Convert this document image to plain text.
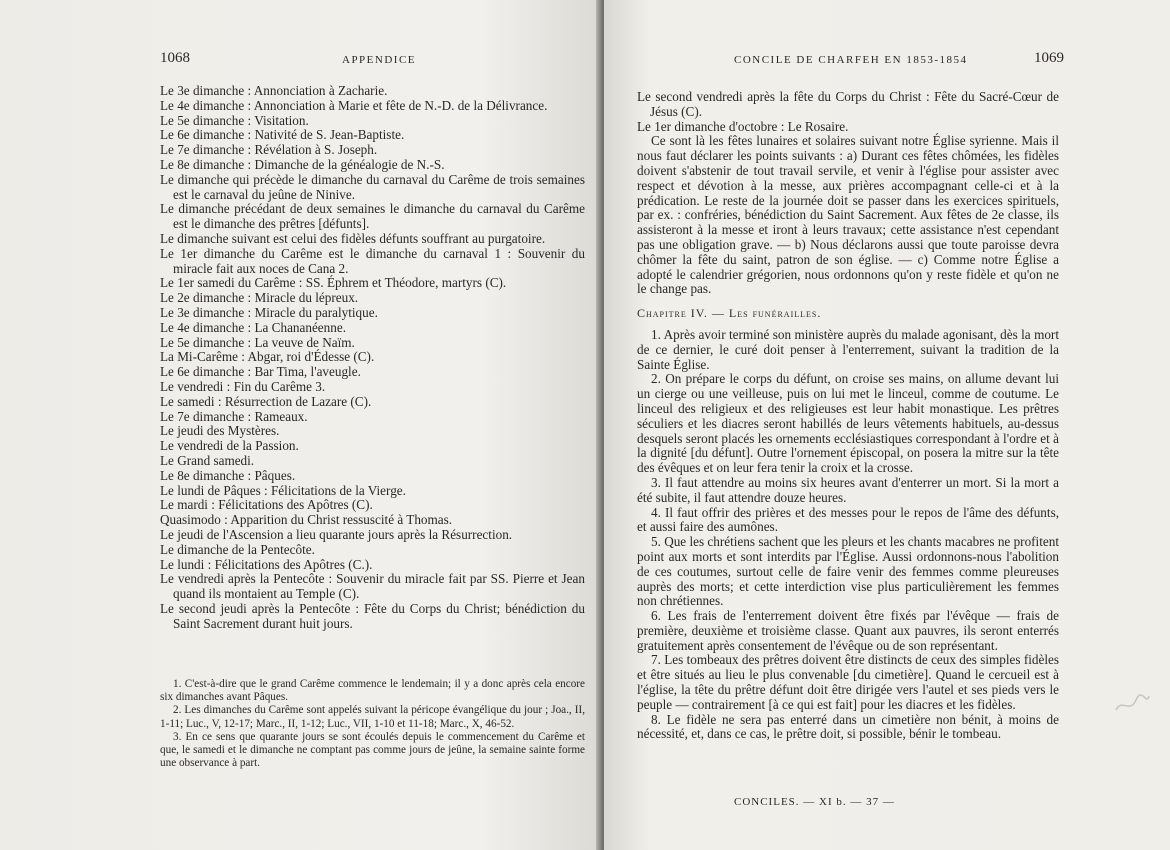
1068	APPENDICE

Le 3e dimanche : Annonciation à Zacharie.

Le 4e dimanche : Annonciation à Marie et fête de N.-D. de la Délivrance.

Le 5e dimanche : Visitation.

Le 6e dimanche : Nativité de S. Jean-Baptiste.

Le 7e dimanche : Révélation à S. Joseph.

Le 8e dimanche : Dimanche de la généalogie de N.-S.

Le dimanche qui précède le dimanche du carnaval du Carême de trois semaines est le carnaval du jeûne de Ninive.

Le dimanche précédant de deux semaines le dimanche du carnaval du Carême est le dimanche des prêtres [défunts].

Le dimanche suivant est celui des fidèles défunts souffrant au purgatoire.

Le 1er dimanche du Carême est le dimanche du carnaval 1 : Souvenir du miracle fait aux noces de Cana 2.

Le 1er samedi du Carême : SS. Éphrem et Théodore, martyrs (C).

Le 2e dimanche : Miracle du lépreux.

Le 3e dimanche : Miracle du paralytique.

Le 4e dimanche : La Chananéenne.

Le 5e dimanche : La veuve de Naïm.

La Mi-Carême : Abgar, roi d'Édesse (C).

Le 6e dimanche : Bar Tima, l'aveugle.

Le vendredi : Fin du Carême 3.

Le samedi : Résurrection de Lazare (C).

Le 7e dimanche : Rameaux.

Le jeudi des Mystères.

Le vendredi de la Passion.

Le Grand samedi.

Le 8e dimanche : Pâques.

Le lundi de Pâques : Félicitations de la Vierge.

Le mardi : Félicitations des Apôtres (C).

Quasimodo : Apparition du Christ ressuscité à Thomas.

Le jeudi de l'Ascension a lieu quarante jours après la Résurrection.

Le dimanche de la Pentecôte.

Le lundi : Félicitations des Apôtres (C.).

Le vendredi après la Pentecôte : Souvenir du miracle fait par SS. Pierre et Jean quand ils montaient au Temple (C).

Le second jeudi après la Pentecôte : Fête du Corps du Christ; bénédiction du Saint Sacrement durant huit jours.

1. C'est-à-dire que le grand Carême commence le lendemain; il y a donc après cela encore six dimanches avant Pâques.

2. Les dimanches du Carême sont appelés suivant la péricope évangélique du jour ; Joa., II, 1-11; Luc., V, 12-17; Marc., II, 1-12; Luc., VII, 1-10 et 11-18; Marc., X, 46-52.

3. En ce sens que quarante jours se sont écoulés depuis le commencement du Carême et que, le samedi et le dimanche ne comptant pas comme jours de jeûne, la semaine sainte forme une observance à part.

CONCILE DE CHARFEH EN 1853-1854	1069

Le second vendredi après la fête du Corps du Christ : Fête du Sacré-Cœur de Jésus (C).

Le 1er dimanche d'octobre : Le Rosaire.

Ce sont là les fêtes lunaires et solaires suivant notre Église syrienne. Mais il nous faut déclarer les points suivants : a) Durant ces fêtes chômées, les fidèles doivent s'abstenir de tout travail servile, et venir à l'église pour assister avec respect et dévotion à la messe, aux prières accompagnant celle-ci et à la prédication. Le reste de la journée doit se passer dans les exercices spirituels, par ex. : confréries, bénédiction du Saint Sacrement. Aux fêtes de 2e classe, ils assisteront à la messe et iront à leurs travaux; cette assistance n'est cependant pas une obligation grave. — b) Nous déclarons aussi que toute paroisse devra chômer la fête du saint, patron de son église. — c) Comme notre Église a adopté le calendrier grégorien, nous ordonnons qu'on y reste fidèle et qu'on ne le change pas.

Chapitre IV. — Les funérailles.

1. Après avoir terminé son ministère auprès du malade agonisant, dès la mort de ce dernier, le curé doit penser à l'enterrement, suivant la tradition de la Sainte Église.

2. On prépare le corps du défunt, on croise ses mains, on allume devant lui un cierge ou une veilleuse, puis on lui met le linceul, comme de coutume. Le linceul des religieux et des religieuses est leur habit monastique. Les prêtres séculiers et les diacres seront habillés de leurs vêtements habituels, au-dessus desquels seront placés les ornements ecclésiastiques correspondant à l'ordre et à la dignité [du défunt]. Outre l'ornement épiscopal, on posera la mitre sur la tête des évêques et on leur fera tenir la croix et la crosse.

3. Il faut attendre au moins six heures avant d'enterrer un mort. Si la mort a été subite, il faut attendre douze heures.

4. Il faut offrir des prières et des messes pour le repos de l'âme des défunts, et aussi faire des aumônes.

5. Que les chrétiens sachent que les pleurs et les chants macabres ne profitent point aux morts et sont interdits par l'Église. Aussi ordonnons-nous l'abolition de ces coutumes, surtout celle de faire venir des femmes comme pleureuses auprès des morts; et cette interdiction vise plus particulièrement les femmes non chrétiennes.

6. Les frais de l'enterrement doivent être fixés par l'évêque — frais de première, deuxième et troisième classe. Quant aux pauvres, ils seront enterrés gratuitement après consentement de l'évêque ou de son représentant.

7. Les tombeaux des prêtres doivent être distincts de ceux des simples fidèles et être situés au lieu le plus convenable [du cimetière]. Quand le cercueil est à l'église, la tête du prêtre défunt doit être dirigée vers l'autel et ses pieds vers le peuple — contrairement [à ce qui est fait] pour les diacres et les fidèles.

8. Le fidèle ne sera pas enterré dans un cimetière non bénit, à moins de nécessité, et, dans ce cas, le prêtre doit, si possible, bénir le tombeau.

CONCILES. — XI b. — 37 —
